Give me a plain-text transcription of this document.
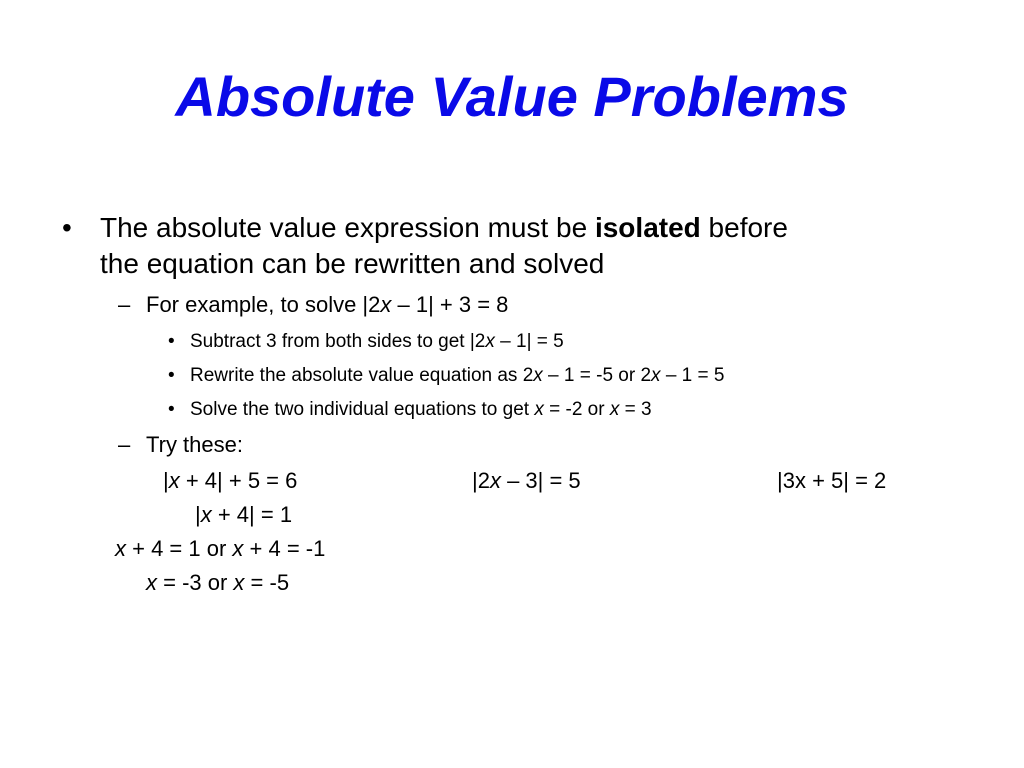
Absolute Value Problems
• The absolute value expression must be isolated before
the equation can be rewritten and solved
– For example, to solve |2x – 1| + 3 = 8
• Subtract 3 from both sides to get |2x – 1| = 5
• Rewrite the absolute value equation as 2x – 1 = -5 or 2x – 1 = 5
• Solve the two individual equations to get x = -2 or x = 3
– Try these:
|x + 4| + 5 = 6	|2x – 3| = 5	|3x + 5| = 2
|x + 4| = 1
x + 4 = 1 or x + 4 = -1
x = -3 or x = -5
